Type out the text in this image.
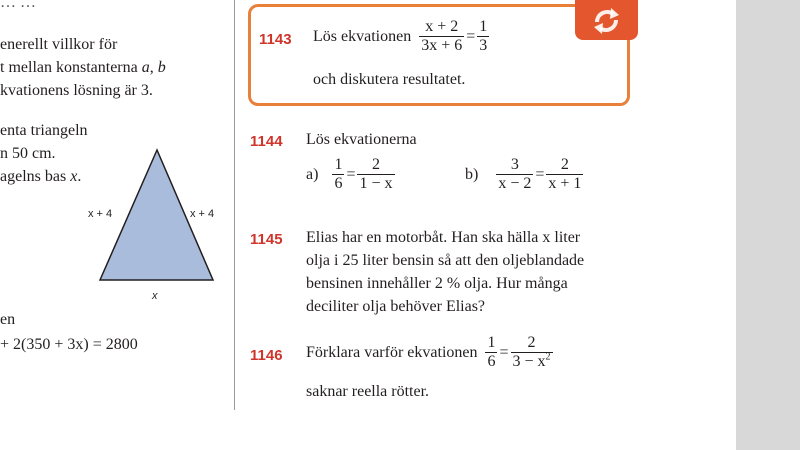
… …
enerellt villkor för
t mellan konstanterna a, b
kvationens lösning är 3.
enta triangeln
n 50 cm.
agelns bas x.
x + 4	x + 4
x
en
+ 2(350 + 3x) = 2800
1143 Lös ekvationen $\frac{x + 2}{3x + 6} = \frac{1}{3}$
och diskutera resultatet.
1144 Lös ekvationerna
$a) \frac{1}{6} = \frac{2}{1 - x}$	$b) \frac{3}{x - 2} = \frac{2}{x + 1}$
1145 Elias har en motorbåt. Han ska hälla x liter
olja i 25 liter bensin så att den oljeblandade
bensinen innehåller 2 % olja. Hur många
deciliter olja behöver Elias?
1146 Förklara varför ekvationen $\frac{1}{6} = \frac{2}{3 - x^2}$
saknar reella rötter.
